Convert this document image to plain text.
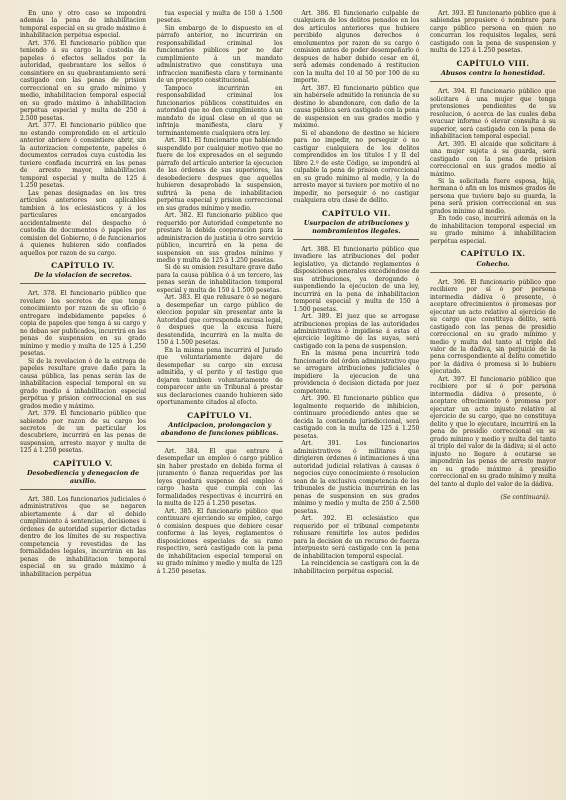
En uno y otro caso se impondrá además la pena de inhabilitacion temporal especial en su grado máximo á inhabilitacion perpétua especial.

Art. 376. El funcionario público que teniendo á su cargo la custodia de papeles ó efectos sellados por la autoridad, quebrantare los sellos ó consintiere en su quebrantamiento será castigado con las penas de prision correccional en su grado mínimo y medio, inhabilitacion temporal especial en su grado máximo á inhabilitacion perpétua especial y multa de 250 á 2.500 pesetas.

Art. 377. El funcionario público que no estando comprendido en el artículo anterior abriere ó consintiere abrir, sin la autorizacion competente, papeles ó documentos cerrados cuya custodia les tuviere confiada incurrirá en las penas de arresto mayor, inhabilitacion temporal especial y multa de 125 á 1.250 pesetas.

Las penas designadas en los tres artículos anteriores son aplicables tambien á los eclesiásticos y á los particulares encargados accidentalmente del despacho ó custodia de documentos ó papeles por comision del Gobierno, ó de funcionarios á quienes hubieren sido confiados aquellos por razon de su cargo.

CAPÍTULO IV.
De la violacion de secretos.

Art. 378. El funcionario público que revelare los secretos de que tenga conocimiento por razon de su oficio ó entregare indebidamente papeles ó copia de papeles que tenga á su cargo y no deban ser publicados, incurrirá en las penas de suspension en su grado mínimo y medio y multa de 125 á 1.250 pesetas.

Si de la revelacion ó de la entrega de papeles resultare grave daño para la causa pública, las penas serán las de inhabilitacion especial temporal en su grado medio á inhabilitacion especial perpétua y prision correccional en sus grados medio y máximo.

Art. 379. El funcionario público que sabiendo por razon de su cargo los secretos de un particular los descubriere, incurrirá en las penas de suspension, arresto mayor y multa de 125 á 1.250 pesetas.

CAPÍTULO V.
Desobediencia y denegacion de auxilio.

Art. 380. Los funcionarios judiciales ó administrativos que se negaren abiertamente á dar el debido cumplimiento á sentencias, decisiones ú órdenes de autoridad superior dictadas dentro de los límites de su respectiva competencia y revestidas de las formalidades legales, incurrirán en las penas de inhabilitacion temporal especial en su grado máximo á inhabilitacion perpétua

tua especial y multa de 150 á 1.500 pesetas.

Sin embargo de lo dispuesto en el párrafo anterior, no incurrirán en responsabilidad criminal los funcionarios públicos por no dar cumplimiento á un mandato administrativo que constituya una infraccion manifiesta clara y terminante de un precepto constitucional.

Tampoco incurrirán en responsabilidad criminal los funcionarios públicos constituidos en autoridad que no den cumplimiento á un mandato de igual clase en el que se infrinja manifiesta, clara y terminantemente cualquiera otra ley.

Art. 381. El funcionario que habiendo suspendido por cualquier motivo que no fuere de los expresados en el segundo párrafo del artículo anterior la ejecucion de las órdenes de sus superiores, las desobedeciere despues que aquellos hubieren desaprobado la suspension, sufrirá la pena de inhabilitacion perpétua especial y prision correccional en sus grados mínimo y medio.

Art. 382. El funcionario público que requerido por Autoridad competente no prestare la debida cooperacion para la administracion de justicia ú otro servicio público, incurrirá en la pena de suspension en sus grados mínimo y medio y multa de 125 á 1.250 pesetas.

Si de su omision resultare grave daño para la causa pública ó á un tercero, las penas serán de inhabilitacion temporal especial y multa de 150 á 1.500 pesetas.

Art. 383. El que rehusare ó se negare a desempeñar un cargo público de eleccion popular sin presentar ante la Autoridad que corresponda excusa legal, ó despues que la excusa fuere desatendida, incurrirá en la multa de 150 á 1.500 pesetas.

En la misma pena incurrirá el Jurado que voluntariamente dejare de desempeñar su cargo sin excusa admitida, y el perito y el testigo que dejaren tambien voluntariamente de comparecer ante un Tribunal á prestar sus declaraciones cuando hubieren sido oportunamente citados al efecto.

CAPÍTULO VI.
Anticipacion, prolongacion y abandono de funciones públicas.

Art. 384. El que entrare á desempeñar un empleo ó cargo público sin haber prestado en debida forma el juramento ó fianza requeridas por las leyes quedará suspenso del empleo ó cargo hasta que cumpla con las formalidades respectivas é incurrirá en la multa de 125 á 1.250 pesetas.

Art. 385. El funcionario público que continuare ejerciendo su empleo, cargo ó comision despues que debiere cesar conforme á las leyes, reglamentos ó disposiciones especiales de su ramo respectivo, será castigado con la pena de inhabilitacion especial temporal en su grado mínimo y medio y multa de 125 á 1.250 pesetas.

Art. 386. El funcionario culpable de cualquiera de los delitos penados en los dos artículos anteriores que hubiere percibido algunos derechos ó emolumentos por razon de su cargo ó comision antes de poder desempeñarlo ó despues de haber debido cesar en él, será además condenado á restitucion con la multa del 10 al 50 por 100 de su importe.

Art. 387. El funcionario público que sin habérsele admitido la renuncia de su destino lo abandonare, con daño de la causa pública será castigado con la pena de suspension en sus grados medio y máximo.

Si el abandono de destino se hiciere para no impedir, no perseguir ó no castigar cualquiera de los delitos comprendidos en los títulos I y II del libro 2.º de este Código, se impondrá al culpable la pena de prision correccional en su grado mínimo al medio, y la de arresto mayor si tuviere por motivo el no impedir, no perseguir ó no castigar cualquiera otra clase de delito.

CAPÍTULO VII.
Usurpacion de atribuciones y nombramientos ilegales.

Art. 388. El funcionario público que invadiere las atribuciones del poder legislativo, ya dictando reglamentos ó disposiciones generales excediéndose de sus atribuciones, ya derogando ó suspendiendo la ejecucion de una ley, incurrirá en la pena de inhabilitacion temporal especial y multa de 150 á 1.500 pesetas.

Art. 389. El juez que se arrogase atribuciones propias de las autoridades administrativas ó impidiese á estas el ejercicio legítimo de las suyas, será castigado con la pena de suspension.

En la misma pena incurrirá todo funcionario del órden administrativo que se arrogare atribuciones judiciales ó impidiere la ejecucion de una providencia ó decision dictada por juez competente.

Art. 390. El funcionario público que legalmente requerido de inhibicion, continuare procediendo antes que se decida la contienda jurisdiccional, será castigado con la multa de 125 á 1.250 pesetas.

Art. 391. Los funcionarios administrativos ó militares que dirigieren órdenes ó intimaciones á una autoridad judicial relativas á causas ó negocios cuyo conocimiento ó resolucion sean de la exclusiva competencia de los tribunales de justicia incurrirán en las penas de suspension en sus grados mínimo y medio y multa de 250 á 2.500 pesetas.

Art. 392. El eclesiástico que requerido por el tribunal competente rehusare remitirle los autos pedidos para la decision de un recurso de fuerza interpuesto será castigado con la pena de inhabilitacion temporal especial.

La reincidencia se castigará con la de inhabilitacion perpétua especial.

Art. 393. El funcionario público que á sabiendas propusiere ó nombrare para cargo público persona en quien no concurran los requisitos legales, será castigado con la pena de suspension y multa de 125 á 1.250 pesetas.

CAPÍTULO VIII.
Abusos contra la honestidad.

Art. 394. El funcionario público que solicitare á una mujer que tenga pretensiones pendientes de su resolucion, ó acerca de las cuales deba evacuar informe ó elevar consulta á su superior, será castigado con la pena de inhabilitacion temporal especial.

Art. 395. El alcaide que solicitare á una mujer sujeta á su guarda, será castigado con la pena de prision correccional en sus grados medio al máximo.

Si la solicitada fuere esposa, hija, hermana ó afin en los mismos grados de persona que tuviere bajo su guarda, la pena será prision correccional en sus grados mínimo al medio.

En todo caso, incurrirá además en la de inhabilitacion temporal especial en su grado mínimo á inhabilitacion perpétua especial.

CAPÍTULO IX.
Cohecho.

Art. 396. El funcionario público que recibiere por sí ó por persona intermedia dádiva ó presente, ó aceptare ofrecimientos ó promesas por ejecutar un acto relativo al ejercicio de su cargo que constituya delito, será castigado con las penas de presidio correccional en su grado mínimo y medio y multa del tanto al triple del valor de la dádiva, sin perjuicio de la pena correspondiente al delito cometido por la dádiva ó promesa si lo hubiere ejecutado.

Art. 397. El funcionario público que recibiere por sí ó por persona intermedia dádiva ó presente, ó aceptare ofrecimiento ó promesa por ejecutar un acto injusto relativo al ejercicio de su cargo, que no constituya delito y que lo ejecutare, incurrirá en la pena de presidio correccional en su grado mínimo y medio y multa del tanto al triplo del valor de la dádiva; si el acto injusto no llegare á ecutarse se impondrán las penas de arresto mayor en su grado máximo á presidio correccional en su grado mínimo y multa del tanto al duplo del valor de la dádiva.

(Se continuará).
